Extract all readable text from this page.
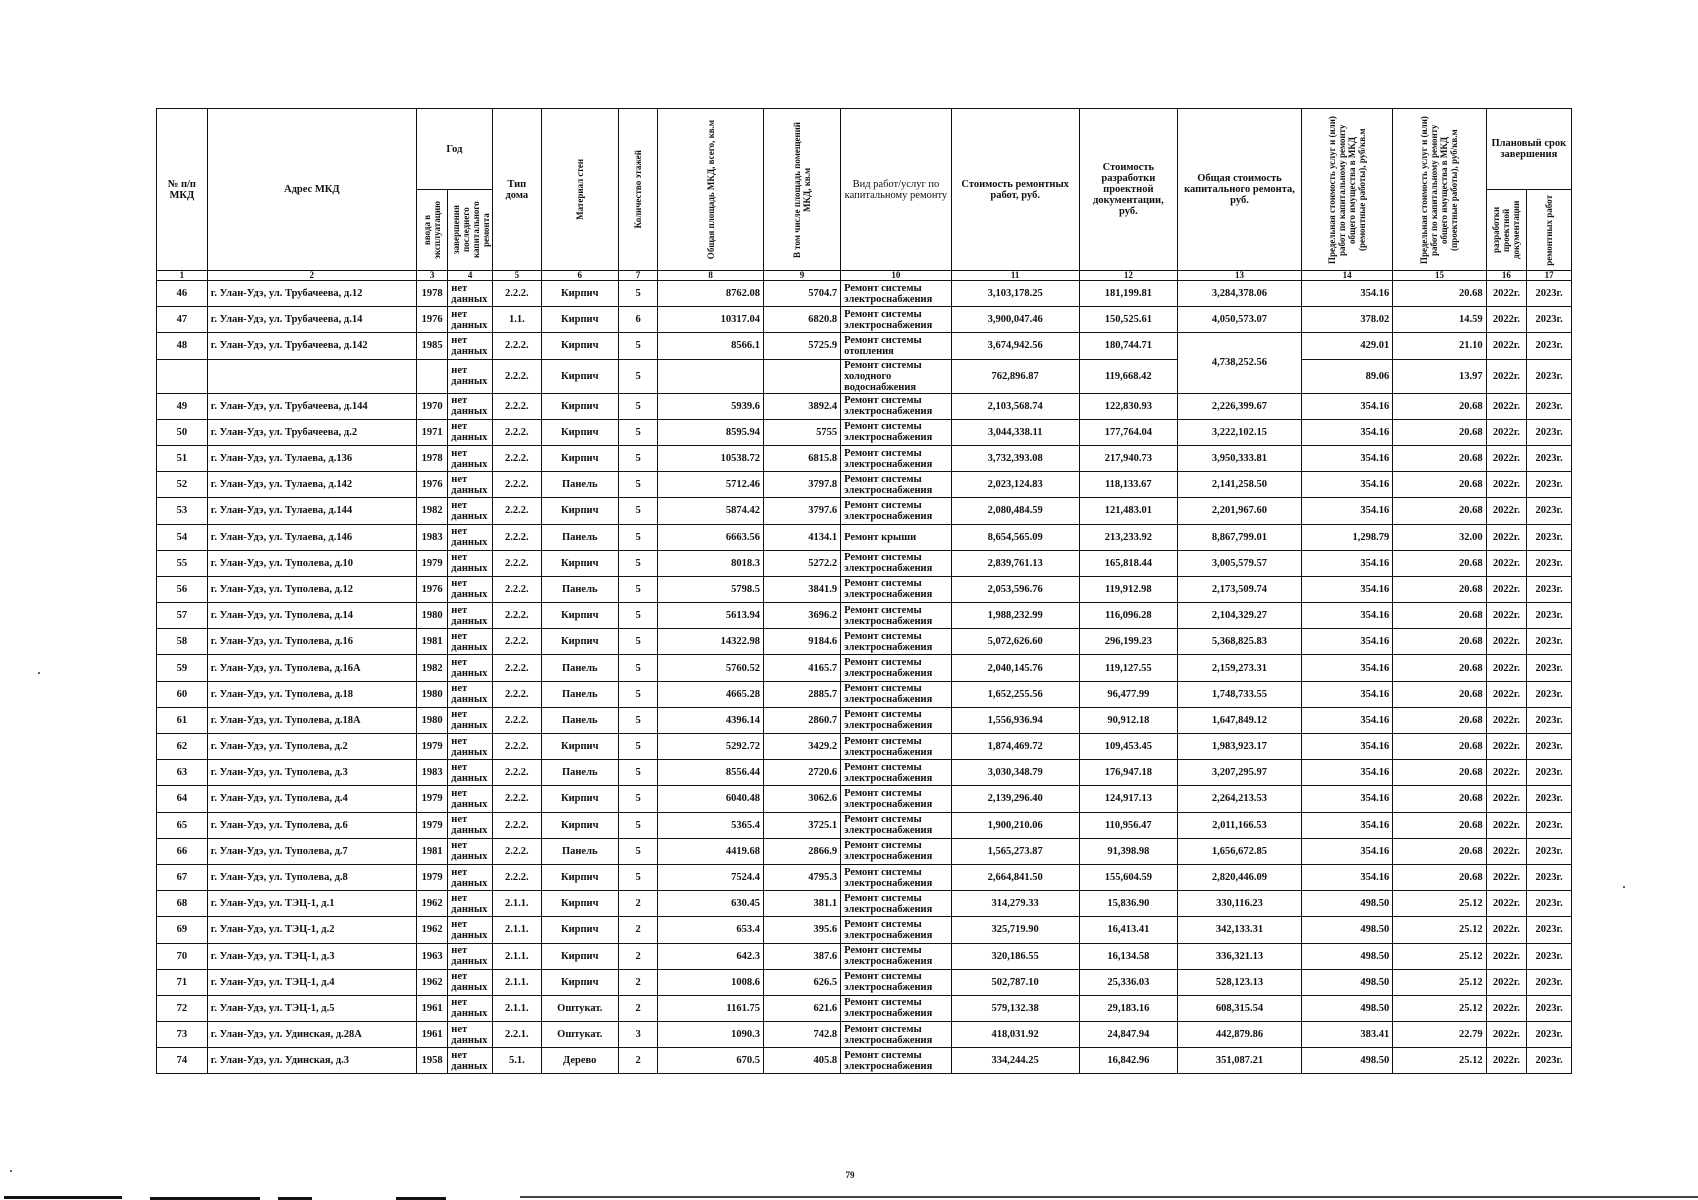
№ п/п МКД	Адрес МКД	Год		Тип дома	Материал стен	Количество этажей	Общая площадь МКД, всего, кв.м	В том числе площадь помещений МКД, кв.м	Вид работ/услуг по капитальному ремонту	Стоимость ремонтных работ, руб.	Стоимость разработки проектной документации, руб.	Общая стоимость капитального ремонта, руб.	Предельная стоимость услуг и (или) работ по капитальному ремонту общего имущества в МКД (ремонтные работы), руб/кв.м	Предельная стоимость услуг и (или) работ по капитальному ремонту общего имущества в МКД (проектные работы), руб/кв.м	Плановый срок завершения	

		ввода в эксплуатацию	завершения последнего капитального ремонта												разработки проектной документации	ремонтных работ

1	2	3	4	5	6	7	8	9	10	11	12	13	14	15	16	17
46	г. Улан-Удэ, ул. Трубачеева, д.12	1978	нет данных	2.2.2.	Кирпич	5	8762.08	5704.7	Ремонт системы электроснабжения	3,103,178.25	181,199.81	3,284,378.06	354.16	20.68	2022г.	2023г.
47	г. Улан-Удэ, ул. Трубачеева, д.14	1976	нет данных	1.1.	Кирпич	6	10317.04	6820.8	Ремонт системы электроснабжения	3,900,047.46	150,525.61	4,050,573.07	378.02	14.59	2022г.	2023г.
48	г. Улан-Удэ, ул. Трубачеева, д.142	1985	нет данных	2.2.2.	Кирпич	5	8566.1	5725.9	Ремонт системы отопления	3,674,942.56	180,744.71	4,738,252.56	429.01	21.10	2022г.	2023г.
			нет данных	2.2.2.	Кирпич	5			Ремонт системы холодного водоснабжения	762,896.87	119,668.42		89.06	13.97	2022г.	2023г.
49	г. Улан-Удэ, ул. Трубачеева, д.144	1970	нет данных	2.2.2.	Кирпич	5	5939.6	3892.4	Ремонт системы электроснабжения	2,103,568.74	122,830.93	2,226,399.67	354.16	20.68	2022г.	2023г.
50	г. Улан-Удэ, ул. Трубачеева, д.2	1971	нет данных	2.2.2.	Кирпич	5	8595.94	5755	Ремонт системы электроснабжения	3,044,338.11	177,764.04	3,222,102.15	354.16	20.68	2022г.	2023г.
51	г. Улан-Удэ, ул. Тулаева, д.136	1978	нет данных	2.2.2.	Кирпич	5	10538.72	6815.8	Ремонт системы электроснабжения	3,732,393.08	217,940.73	3,950,333.81	354.16	20.68	2022г.	2023г.
52	г. Улан-Удэ, ул. Тулаева, д.142	1976	нет данных	2.2.2.	Панель	5	5712.46	3797.8	Ремонт системы электроснабжения	2,023,124.83	118,133.67	2,141,258.50	354.16	20.68	2022г.	2023г.
53	г. Улан-Удэ, ул. Тулаева, д.144	1982	нет данных	2.2.2.	Кирпич	5	5874.42	3797.6	Ремонт системы электроснабжения	2,080,484.59	121,483.01	2,201,967.60	354.16	20.68	2022г.	2023г.
54	г. Улан-Удэ, ул. Тулаева, д.146	1983	нет данных	2.2.2.	Панель	5	6663.56	4134.1	Ремонт крыши	8,654,565.09	213,233.92	8,867,799.01	1,298.79	32.00	2022г.	2023г.
55	г. Улан-Удэ, ул. Туполева, д.10	1979	нет данных	2.2.2.	Кирпич	5	8018.3	5272.2	Ремонт системы электроснабжения	2,839,761.13	165,818.44	3,005,579.57	354.16	20.68	2022г.	2023г.
56	г. Улан-Удэ, ул. Туполева, д.12	1976	нет данных	2.2.2.	Панель	5	5798.5	3841.9	Ремонт системы электроснабжения	2,053,596.76	119,912.98	2,173,509.74	354.16	20.68	2022г.	2023г.
57	г. Улан-Удэ, ул. Туполева, д.14	1980	нет данных	2.2.2.	Кирпич	5	5613.94	3696.2	Ремонт системы электроснабжения	1,988,232.99	116,096.28	2,104,329.27	354.16	20.68	2022г.	2023г.
58	г. Улан-Удэ, ул. Туполева, д.16	1981	нет данных	2.2.2.	Кирпич	5	14322.98	9184.6	Ремонт системы электроснабжения	5,072,626.60	296,199.23	5,368,825.83	354.16	20.68	2022г.	2023г.
59	г. Улан-Удэ, ул. Туполева, д.16А	1982	нет данных	2.2.2.	Панель	5	5760.52	4165.7	Ремонт системы электроснабжения	2,040,145.76	119,127.55	2,159,273.31	354.16	20.68	2022г.	2023г.
60	г. Улан-Удэ, ул. Туполева, д.18	1980	нет данных	2.2.2.	Панель	5	4665.28	2885.7	Ремонт системы электроснабжения	1,652,255.56	96,477.99	1,748,733.55	354.16	20.68	2022г.	2023г.
61	г. Улан-Удэ, ул. Туполева, д.18А	1980	нет данных	2.2.2.	Панель	5	4396.14	2860.7	Ремонт системы электроснабжения	1,556,936.94	90,912.18	1,647,849.12	354.16	20.68	2022г.	2023г.
62	г. Улан-Удэ, ул. Туполева, д.2	1979	нет данных	2.2.2.	Кирпич	5	5292.72	3429.2	Ремонт системы электроснабжения	1,874,469.72	109,453.45	1,983,923.17	354.16	20.68	2022г.	2023г.
63	г. Улан-Удэ, ул. Туполева, д.3	1983	нет данных	2.2.2.	Панель	5	8556.44	2720.6	Ремонт системы электроснабжения	3,030,348.79	176,947.18	3,207,295.97	354.16	20.68	2022г.	2023г.
64	г. Улан-Удэ, ул. Туполева, д.4	1979	нет данных	2.2.2.	Кирпич	5	6040.48	3062.6	Ремонт системы электроснабжения	2,139,296.40	124,917.13	2,264,213.53	354.16	20.68	2022г.	2023г.
65	г. Улан-Удэ, ул. Туполева, д.6	1979	нет данных	2.2.2.	Кирпич	5	5365.4	3725.1	Ремонт системы электроснабжения	1,900,210.06	110,956.47	2,011,166.53	354.16	20.68	2022г.	2023г.
66	г. Улан-Удэ, ул. Туполева, д.7	1981	нет данных	2.2.2.	Панель	5	4419.68	2866.9	Ремонт системы электроснабжения	1,565,273.87	91,398.98	1,656,672.85	354.16	20.68	2022г.	2023г.
67	г. Улан-Удэ, ул. Туполева, д.8	1979	нет данных	2.2.2.	Кирпич	5	7524.4	4795.3	Ремонт системы электроснабжения	2,664,841.50	155,604.59	2,820,446.09	354.16	20.68	2022г.	2023г.
68	г. Улан-Удэ, ул. ТЭЦ-1, д.1	1962	нет данных	2.1.1.	Кирпич	2	630.45	381.1	Ремонт системы электроснабжения	314,279.33	15,836.90	330,116.23	498.50	25.12	2022г.	2023г.
69	г. Улан-Удэ, ул. ТЭЦ-1, д.2	1962	нет данных	2.1.1.	Кирпич	2	653.4	395.6	Ремонт системы электроснабжения	325,719.90	16,413.41	342,133.31	498.50	25.12	2022г.	2023г.
70	г. Улан-Удэ, ул. ТЭЦ-1, д.3	1963	нет данных	2.1.1.	Кирпич	2	642.3	387.6	Ремонт системы электроснабжения	320,186.55	16,134.58	336,321.13	498.50	25.12	2022г.	2023г.
71	г. Улан-Удэ, ул. ТЭЦ-1, д.4	1962	нет данных	2.1.1.	Кирпич	2	1008.6	626.5	Ремонт системы электроснабжения	502,787.10	25,336.03	528,123.13	498.50	25.12	2022г.	2023г.
72	г. Улан-Удэ, ул. ТЭЦ-1, д.5	1961	нет данных	2.1.1.	Оштукат.	2	1161.75	621.6	Ремонт системы электроснабжения	579,132.38	29,183.16	608,315.54	498.50	25.12	2022г.	2023г.
73	г. Улан-Удэ, ул. Удинская, д.28А	1961	нет данных	2.2.1.	Оштукат.	3	1090.3	742.8	Ремонт системы электроснабжения	418,031.92	24,847.94	442,879.86	383.41	22.79	2022г.	2023г.
74	г. Улан-Удэ, ул. Удинская, д.3	1958	нет данных	5.1.	Дерево	2	670.5	405.8	Ремонт системы электроснабжения	334,244.25	16,842.96	351,087.21	498.50	25.12	2022г.	2023г.
79
